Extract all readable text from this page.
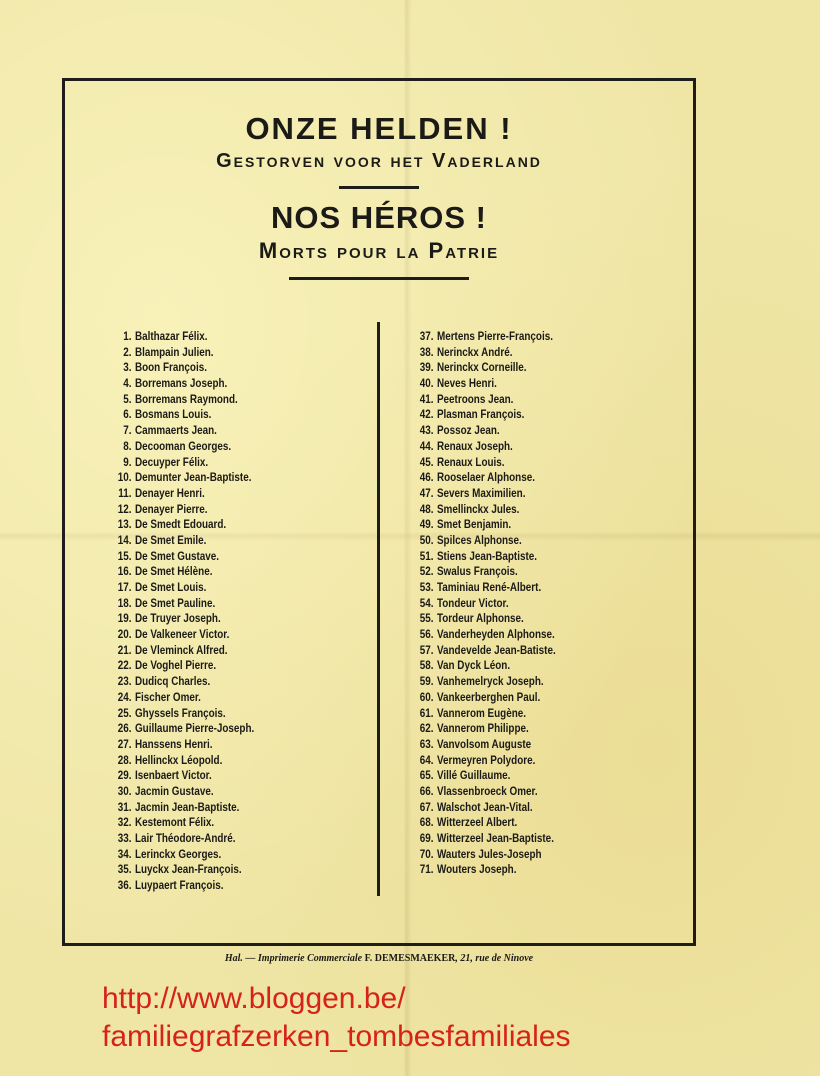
ONZE HELDEN !
Gestorven voor het Vaderland
NOS HÉROS !
Morts pour la Patrie
1. Balthazar Félix.
2. Blampain Julien.
3. Boon François.
4. Borremans Joseph.
5. Borremans Raymond.
6. Bosmans Louis.
7. Cammaerts Jean.
8. Decooman Georges.
9. Decuyper Félix.
10. Demunter Jean-Baptiste.
11. Denayer Henri.
12. Denayer Pierre.
13. De Smedt Edouard.
14. De Smet Emile.
15. De Smet Gustave.
16. De Smet Hélène.
17. De Smet Louis.
18. De Smet Pauline.
19. De Truyer Joseph.
20. De Valkeneer Victor.
21. De Vleminck Alfred.
22. De Voghel Pierre.
23. Dudicq Charles.
24. Fischer Omer.
25. Ghyssels François.
26. Guillaume Pierre-Joseph.
27. Hanssens Henri.
28. Hellinckx Léopold.
29. Isenbaert Victor.
30. Jacmin Gustave.
31. Jacmin Jean-Baptiste.
32. Kestemont Félix.
33. Lair Théodore-André.
34. Lerinckx Georges.
35. Luyckx Jean-François.
36. Luypaert François.
37. Mertens Pierre-François.
38. Nerinckx André.
39. Nerinckx Corneille.
40. Neves Henri.
41. Peetroons Jean.
42. Plasman François.
43. Possoz Jean.
44. Renaux Joseph.
45. Renaux Louis.
46. Rooselaer Alphonse.
47. Severs Maximilien.
48. Smellinckx Jules.
49. Smet Benjamin.
50. Spilces Alphonse.
51. Stiens Jean-Baptiste.
52. Swalus François.
53. Taminiau René-Albert.
54. Tondeur Victor.
55. Tordeur Alphonse.
56. Vanderheyden Alphonse.
57. Vandevelde Jean-Batiste.
58. Van Dyck Léon.
59. Vanhemelryck Joseph.
60. Vankeerberghen Paul.
61. Vannerom Eugène.
62. Vannerom Philippe.
63. Vanvolsom Auguste
64. Vermeyren Polydore.
65. Villé Guillaume.
66. Vlassenbroeck Omer.
67. Walschot Jean-Vital.
68. Witterzeel Albert.
69. Witterzeel Jean-Baptiste.
70. Wauters Jules-Joseph
71. Wouters Joseph.
Hal. — Imprimerie Commerciale F. DEMESMAEKER, 21, rue de Ninove
http://www.bloggen.be/
familiegrafzerken_tombesfamiliales
